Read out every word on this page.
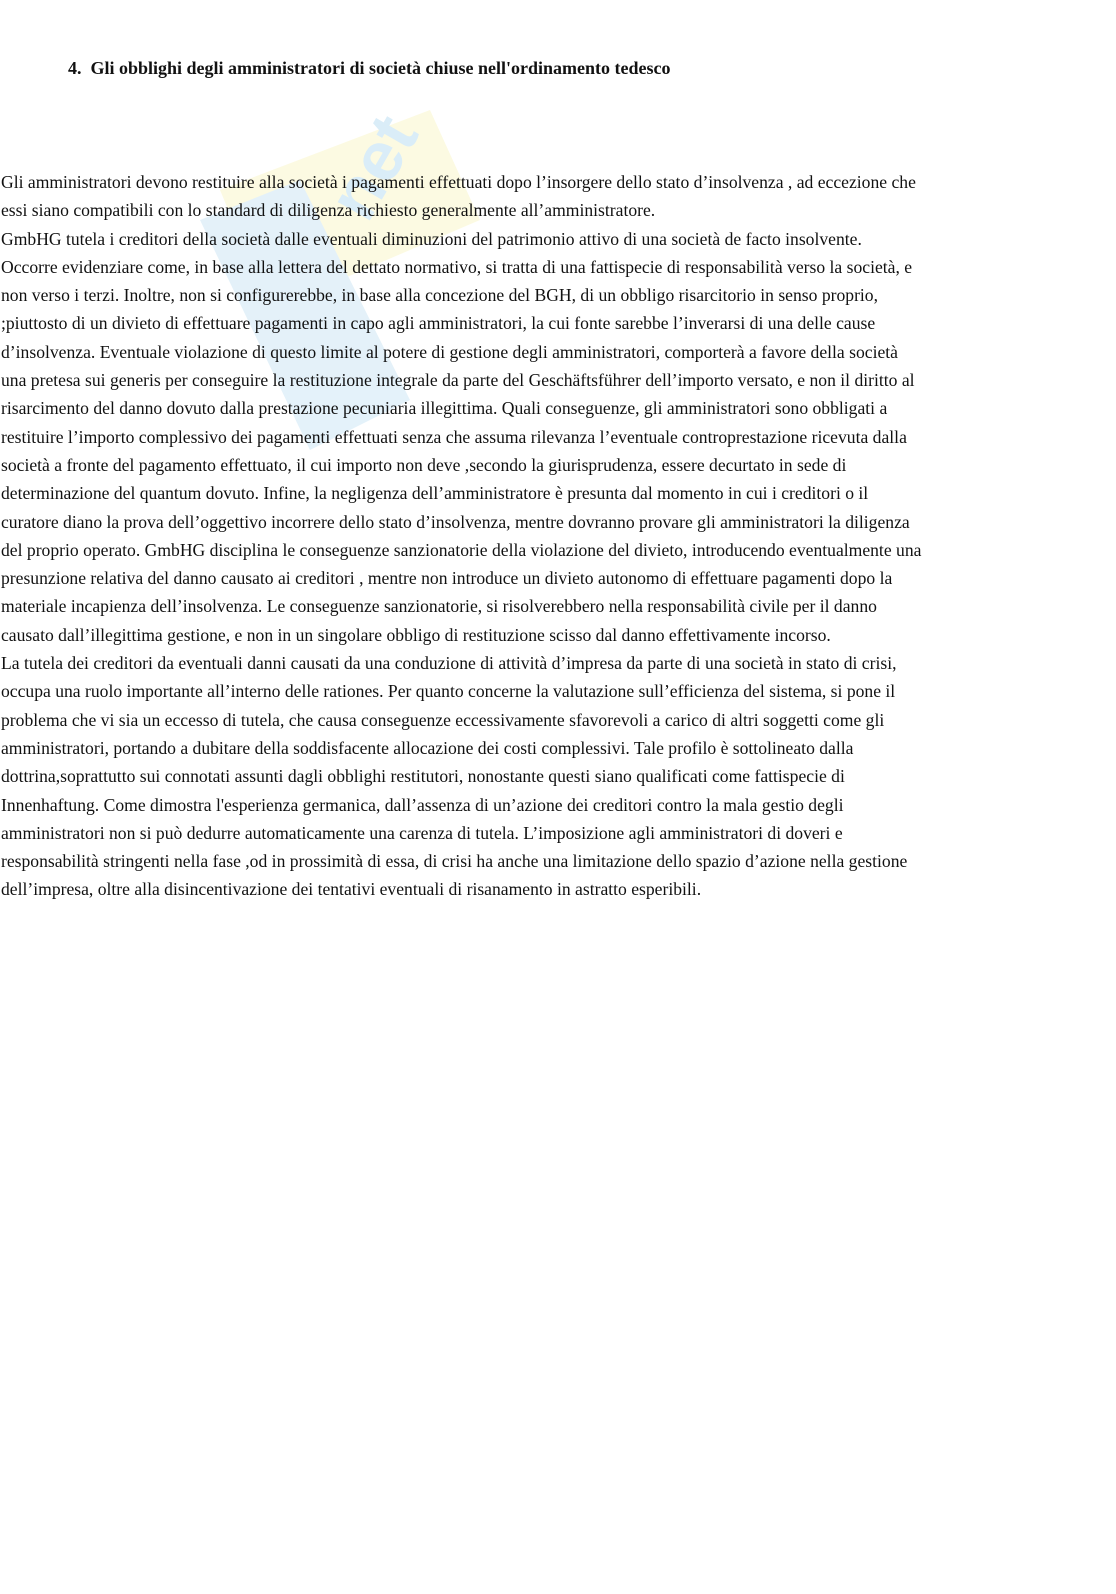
net
4. Gli obblighi degli amministratori di società chiuse nell'ordinamento tedesco
Gli amministratori devono restituire alla società i pagamenti effettuati dopo l’insorgere dello stato d’insolvenza , ad eccezione che
essi siano compatibili con lo standard di diligenza richiesto generalmente all’amministratore.
GmbHG tutela i creditori della società dalle eventuali diminuzioni del patrimonio attivo di una società de facto insolvente.
Occorre evidenziare come, in base alla lettera del dettato normativo, si tratta di una fattispecie di responsabilità verso la società, e
non verso i terzi. Inoltre, non si configurerebbe, in base alla concezione del BGH, di un obbligo risarcitorio in senso proprio,
;piuttosto di un divieto di effettuare pagamenti in capo agli amministratori, la cui fonte sarebbe l’inverarsi di una delle cause
d’insolvenza. Eventuale violazione di questo limite al potere di gestione degli amministratori, comporterà a favore della società
una pretesa sui generis per conseguire la restituzione integrale da parte del Geschäftsführer dell’importo versato, e non il diritto al
risarcimento del danno dovuto dalla prestazione pecuniaria illegittima. Quali conseguenze, gli amministratori sono obbligati a
restituire l’importo complessivo dei pagamenti effettuati senza che assuma rilevanza l’eventuale controprestazione ricevuta dalla
società a fronte del pagamento effettuato, il cui importo non deve ,secondo la giurisprudenza, essere decurtato in sede di
determinazione del quantum dovuto. Infine, la negligenza dell’amministratore è presunta dal momento in cui i creditori o il
curatore diano la prova dell’oggettivo incorrere dello stato d’insolvenza, mentre dovranno provare gli amministratori la diligenza
del proprio operato. GmbHG disciplina le conseguenze sanzionatorie della violazione del divieto, introducendo eventualmente una
presunzione relativa del danno causato ai creditori , mentre non introduce un divieto autonomo di effettuare pagamenti dopo la
materiale incapienza dell’insolvenza. Le conseguenze sanzionatorie, si risolverebbero nella responsabilità civile per il danno
causato dall’illegittima gestione, e non in un singolare obbligo di restituzione scisso dal danno effettivamente incorso.
La tutela dei creditori da eventuali danni causati da una conduzione di attività d’impresa da parte di una società in stato di crisi,
occupa una ruolo importante all’interno delle rationes. Per quanto concerne la valutazione sull’efficienza del sistema, si pone il
problema che vi sia un eccesso di tutela, che causa conseguenze eccessivamente sfavorevoli a carico di altri soggetti come gli
amministratori, portando a dubitare della soddisfacente allocazione dei costi complessivi. Tale profilo è sottolineato dalla
dottrina,soprattutto sui connotati assunti dagli obblighi restitutori, nonostante questi siano qualificati come fattispecie di
Innenhaftung. Come dimostra l'esperienza germanica, dall’assenza di un’azione dei creditori contro la mala gestio degli
amministratori non si può dedurre automaticamente una carenza di tutela. L’imposizione agli amministratori di doveri e
responsabilità stringenti nella fase ,od in prossimità di essa, di crisi ha anche una limitazione dello spazio d’azione nella gestione
dell’impresa, oltre alla disincentivazione dei tentativi eventuali di risanamento in astratto esperibili.
